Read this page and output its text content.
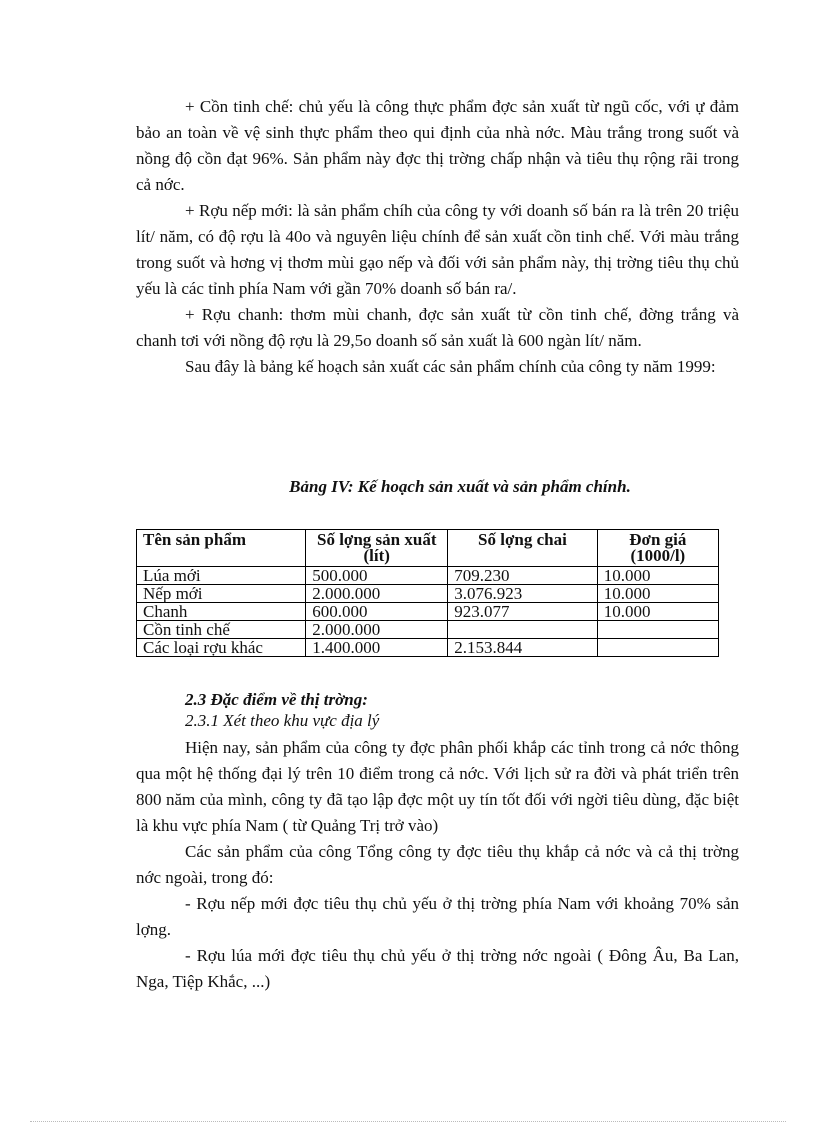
+ Cồn tinh chế: chủ yếu là công thực phẩm đợc sản xuất từ ngũ cốc, với ự đảm bảo an toàn về vệ sinh thực phẩm theo qui định của nhà nớc. Màu trắng trong suốt và nồng độ cồn đạt 96%. Sản phẩm này đợc thị trờng chấp nhận và tiêu thụ rộng rãi trong cả nớc.

+ Rợu nếp mới: là sản phẩm chíh của công ty với doanh số bán ra là trên 20 triệu lít/ năm, có độ rợu là 40o và nguyên liệu chính để sản xuất cồn tinh chế. Với màu trắng trong suốt và hơng vị thơm mùi gạo nếp và đối với sản phẩm này, thị trờng tiêu thụ chủ yếu là các tỉnh phía Nam với gần 70% doanh số bán ra/.

+ Rợu chanh: thơm mùi chanh, đợc sản xuất từ cồn tinh chế, đờng trắng và chanh tơi với nồng độ rợu là 29,5o doanh số sản xuất là 600 ngàn lít/ năm.

Sau đây là bảng kế hoạch sản xuất các sản phẩm chính của công ty năm 1999:

Bảng IV: Kế hoạch sản xuất và sản phẩm chính.
Tên sản phẩm	Số lợng sản xuất (lít)	Số lợng chai	Đơn giá (1000/l)
Lúa mới	500.000	709.230	10.000
Nếp mới	2.000.000	3.076.923	10.000
Chanh	600.000	923.077	10.000
Cồn tinh chế	2.000.000		
Các loại rợu khác	1.400.000	2.153.844	

2.3 Đặc điểm về thị trờng:

2.3.1 Xét theo khu vực địa lý

Hiện nay, sản phẩm của công ty đợc phân phối khắp các tỉnh trong cả nớc thông qua một hệ thống đại lý trên 10 điểm trong cả nớc. Với lịch sử ra đời và phát triển trên 800 năm của mình, công ty đã tạo lập đợc một uy tín tốt đối với ngời tiêu dùng, đặc biệt là khu vực phía Nam ( từ Quảng Trị trở vào)

Các sản phẩm của công Tổng công ty đợc tiêu thụ khắp cả nớc và cả thị trờng nớc ngoài, trong đó:

- Rợu nếp mới đợc tiêu thụ chủ yếu ở thị trờng phía Nam với khoảng 70% sản lợng.

- Rợu lúa mới đợc tiêu thụ chủ yếu ở thị trờng nớc ngoài ( Đông Âu, Ba Lan, Nga, Tiệp Khắc, ...)
